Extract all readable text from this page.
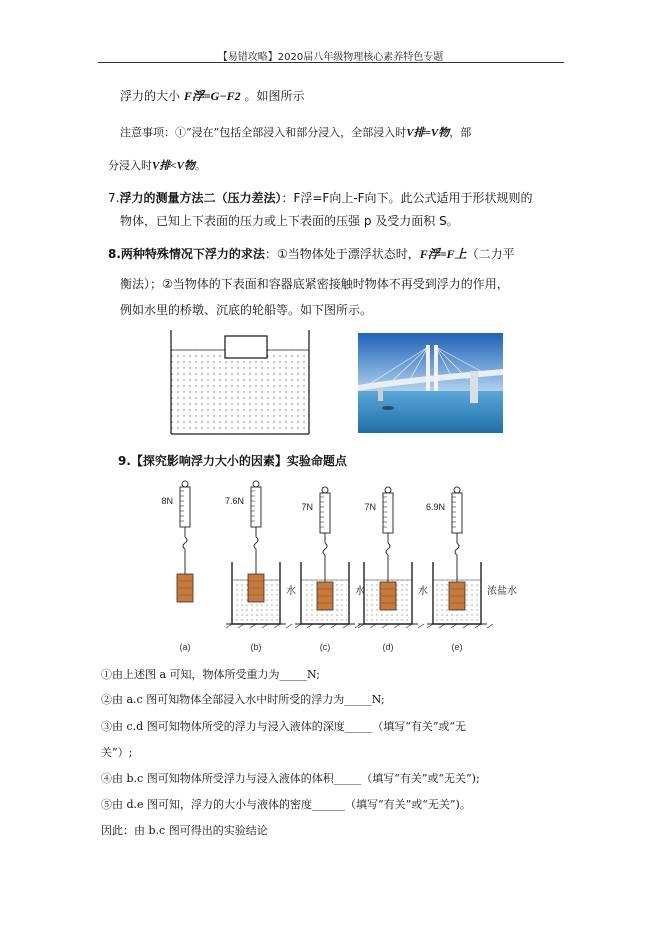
【易错攻略】2020届八年级物理核心素养特色专题
浮力的大小 F浮=G−F2 。如图所示
注意事项：①“浸在”包括全部浸入和部分浸入，全部浸入时V排=V物，部
分浸入时V排<V物。
7.浮力的测量方法二（压力差法）：F浮=F向上-F向下。此公式适用于形状规则的
物体，已知上下表面的压力或上下表面的压强 p 及受力面积 S。
8.两种特殊情况下浮力的求法：①当物体处于漂浮状态时，F浮=F上（二力平
衡法）；②当物体的下表面和容器底紧密接触时物体不再受到浮力的作用，
例如水里的桥墩、沉底的轮船等。如下图所示。
9.【探究影响浮力大小的因素】实验命题点
8N
(a)
7.6N
水
(b)
7N
水
(c)
7N
水
(d)
6.9N
浓盐水
(e)
①由上述图 a 可知，物体所受重力为_____N;
②由 a.c 图可知物体全部浸入水中时所受的浮力为_____N;
③由 c.d 图可知物体所受的浮力与浸入液体的深度_____（填写“有关”或“无
关”）;
④由 b.c 图可知物体所受浮力与浸入液体的体积_____（填写“有关”或“无关”);
⑤由 d.e 图可知，浮力的大小与液体的密度______（填写“有关”或“无关”)。
因此：由 b.c 图可得出的实验结论
